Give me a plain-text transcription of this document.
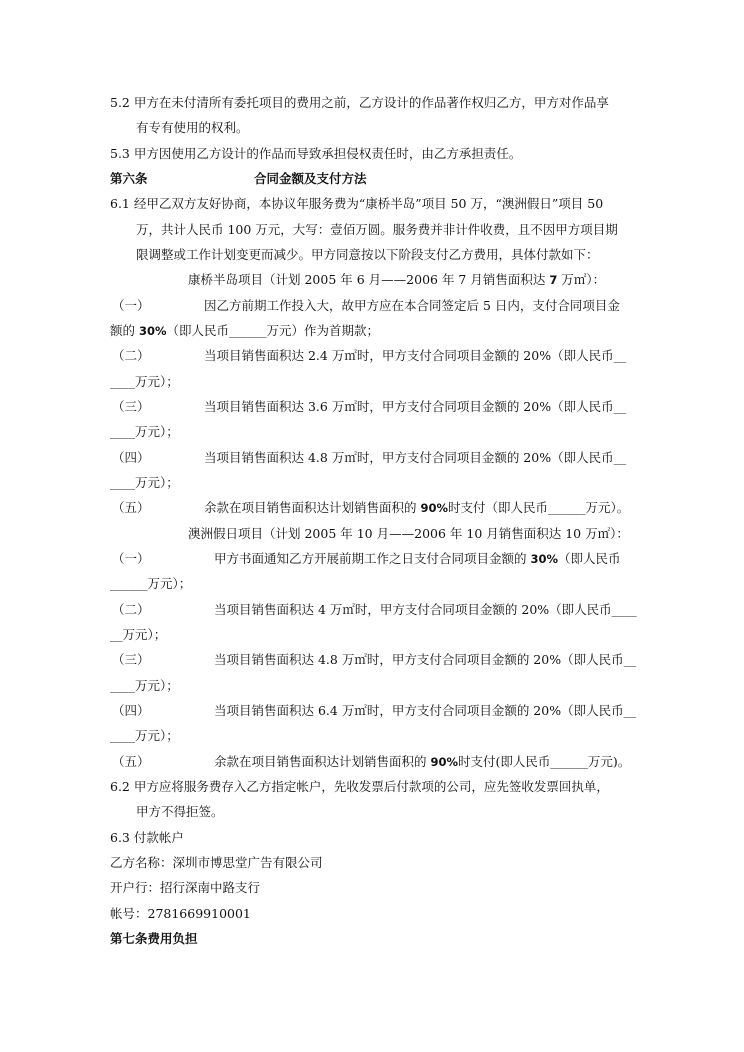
5.2 甲方在未付清所有委托项目的费用之前，乙方设计的作品著作权归乙方，甲方对作品享
有专有使用的权利。
5.3 甲方因使用乙方设计的作品而导致承担侵权责任时，由乙方承担责任。
第六条	合同金额及支付方法
6.1 经甲乙双方友好协商，本协议年服务费为“康桥半岛”项目 50 万，“澳洲假日”项目 50
万，共计人民币 100 万元，大写：壹佰万圆。服务费并非计件收费，且不因甲方项目期
限调整或工作计划变更而减少。甲方同意按以下阶段支付乙方费用，具体付款如下：
康桥半岛项目（计划 2005 年 6 月——2006 年 7 月销售面积达 7 万㎡）：
（一）	因乙方前期工作投入大，故甲方应在本合同签定后 5 日内，支付合同项目金
额的 30%（即人民币______万元）作为首期款；
（二）	当项目销售面积达 2.4 万㎡时，甲方支付合同项目金额的 20%（即人民币__
____万元）；
（三）	当项目销售面积达 3.6 万㎡时，甲方支付合同项目金额的 20%（即人民币__
____万元）；
（四）	当项目销售面积达 4.8 万㎡时，甲方支付合同项目金额的 20%（即人民币__
____万元）；
（五）	余款在项目销售面积达计划销售面积的 90%时支付（即人民币______万元）。
澳洲假日项目（计划 2005 年 10 月——2006 年 10 月销售面积达 10 万㎡）：
（一）	甲方书面通知乙方开展前期工作之日支付合同项目金额的 30%（即人民币
______万元）；
（二）	当项目销售面积达 4 万㎡时，甲方支付合同项目金额的 20%（即人民币____
__万元）；
（三）	当项目销售面积达 4.8 万㎡时，甲方支付合同项目金额的 20%（即人民币__
____万元）；
（四）	当项目销售面积达 6.4 万㎡时，甲方支付合同项目金额的 20%（即人民币__
____万元）；
（五）	余款在项目销售面积达计划销售面积的 90%时支付(即人民币______万元)。
6.2 甲方应将服务费存入乙方指定帐户，先收发票后付款项的公司，应先签收发票回执单，
甲方不得拒签。
6.3 付款帐户
乙方名称：深圳市博思堂广告有限公司
开户行：招行深南中路支行
帐号：2781669910001
第七条费用负担
